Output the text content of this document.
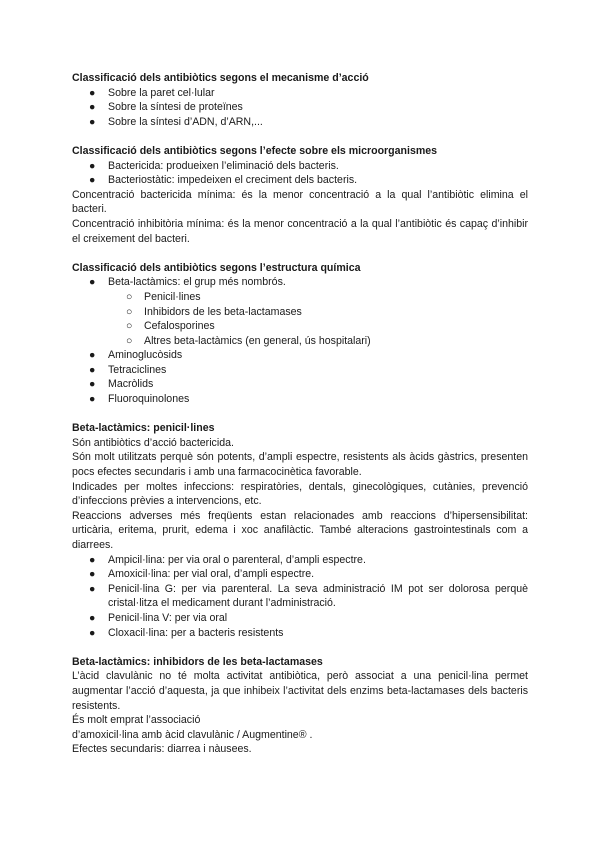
Classificació dels antibiòtics segons el mecanisme d’acció
● Sobre la paret cel·lular
● Sobre la síntesi de proteïnes
● Sobre la síntesi d’ADN, d’ARN,...
Classificació dels antibiòtics segons l’efecte sobre els microorganismes
● Bactericida: produeixen l’eliminació dels bacteris.
● Bacteriostàtic: impedeixen el creciment dels bacteris.

Concentració bactericida mínima: és la menor concentració a la qual l’antibiòtic elimina el bacteri.

Concentració inhibitòria mínima: és la menor concentració a la qual l’antibiòtic és capaç d’inhibir el creixement del bacteri.

Classificació dels antibiòtics segons l’estructura química
● Beta-lactàmics: el grup més nombrós.
○ Penicil·lines
○ Inhibidors de les beta-lactamases
○ Cefalosporines
○ Altres beta-lactàmics (en general, ús hospitalari)
● Aminoglucòsids
● Tetraciclines
● Macròlids
● Fluoroquinolones
Beta-lactàmics: penicil·lines

Són antibiòtics d’acció bactericida.

Són molt utilitzats perquè són potents, d’ampli espectre, resistents als àcids gàstrics, presenten pocs efectes secundaris i amb una farmacocinètica favorable.

Indicades per moltes infeccions: respiratòries, dentals, ginecològiques, cutànies, prevenció d’infeccions prèvies a intervencions, etc.

Reaccions adverses més freqüents estan relacionades amb reaccions d’hipersensibilitat: urticària, eritema, prurit, edema i xoc anafilàctic. També alteracions gastrointestinals com a diarrees.

● Ampicil·lina: per via oral o parenteral, d’ampli espectre.
● Amoxicil·lina: per vial oral, d’ampli espectre.
● Penicil·lina G: per via parenteral. La seva administració IM pot ser dolorosa perquè cristal·litza el medicament durant l’administració.
● Penicil·lina V: per via oral
● Cloxacil·lina: per a bacteris resistents
Beta-lactàmics: inhibidors de les beta-lactamases

L’àcid clavulànic no té molta activitat antibiòtica, però associat a una penicil·lina permet augmentar l’acció d’aquesta, ja que inhibeix l’activitat dels enzims beta-lactamases dels bacteris resistents.

És molt emprat l’associació

d’amoxicil·lina amb àcid clavulànic / Augmentine® .

Efectes secundaris: diarrea i nàusees.
